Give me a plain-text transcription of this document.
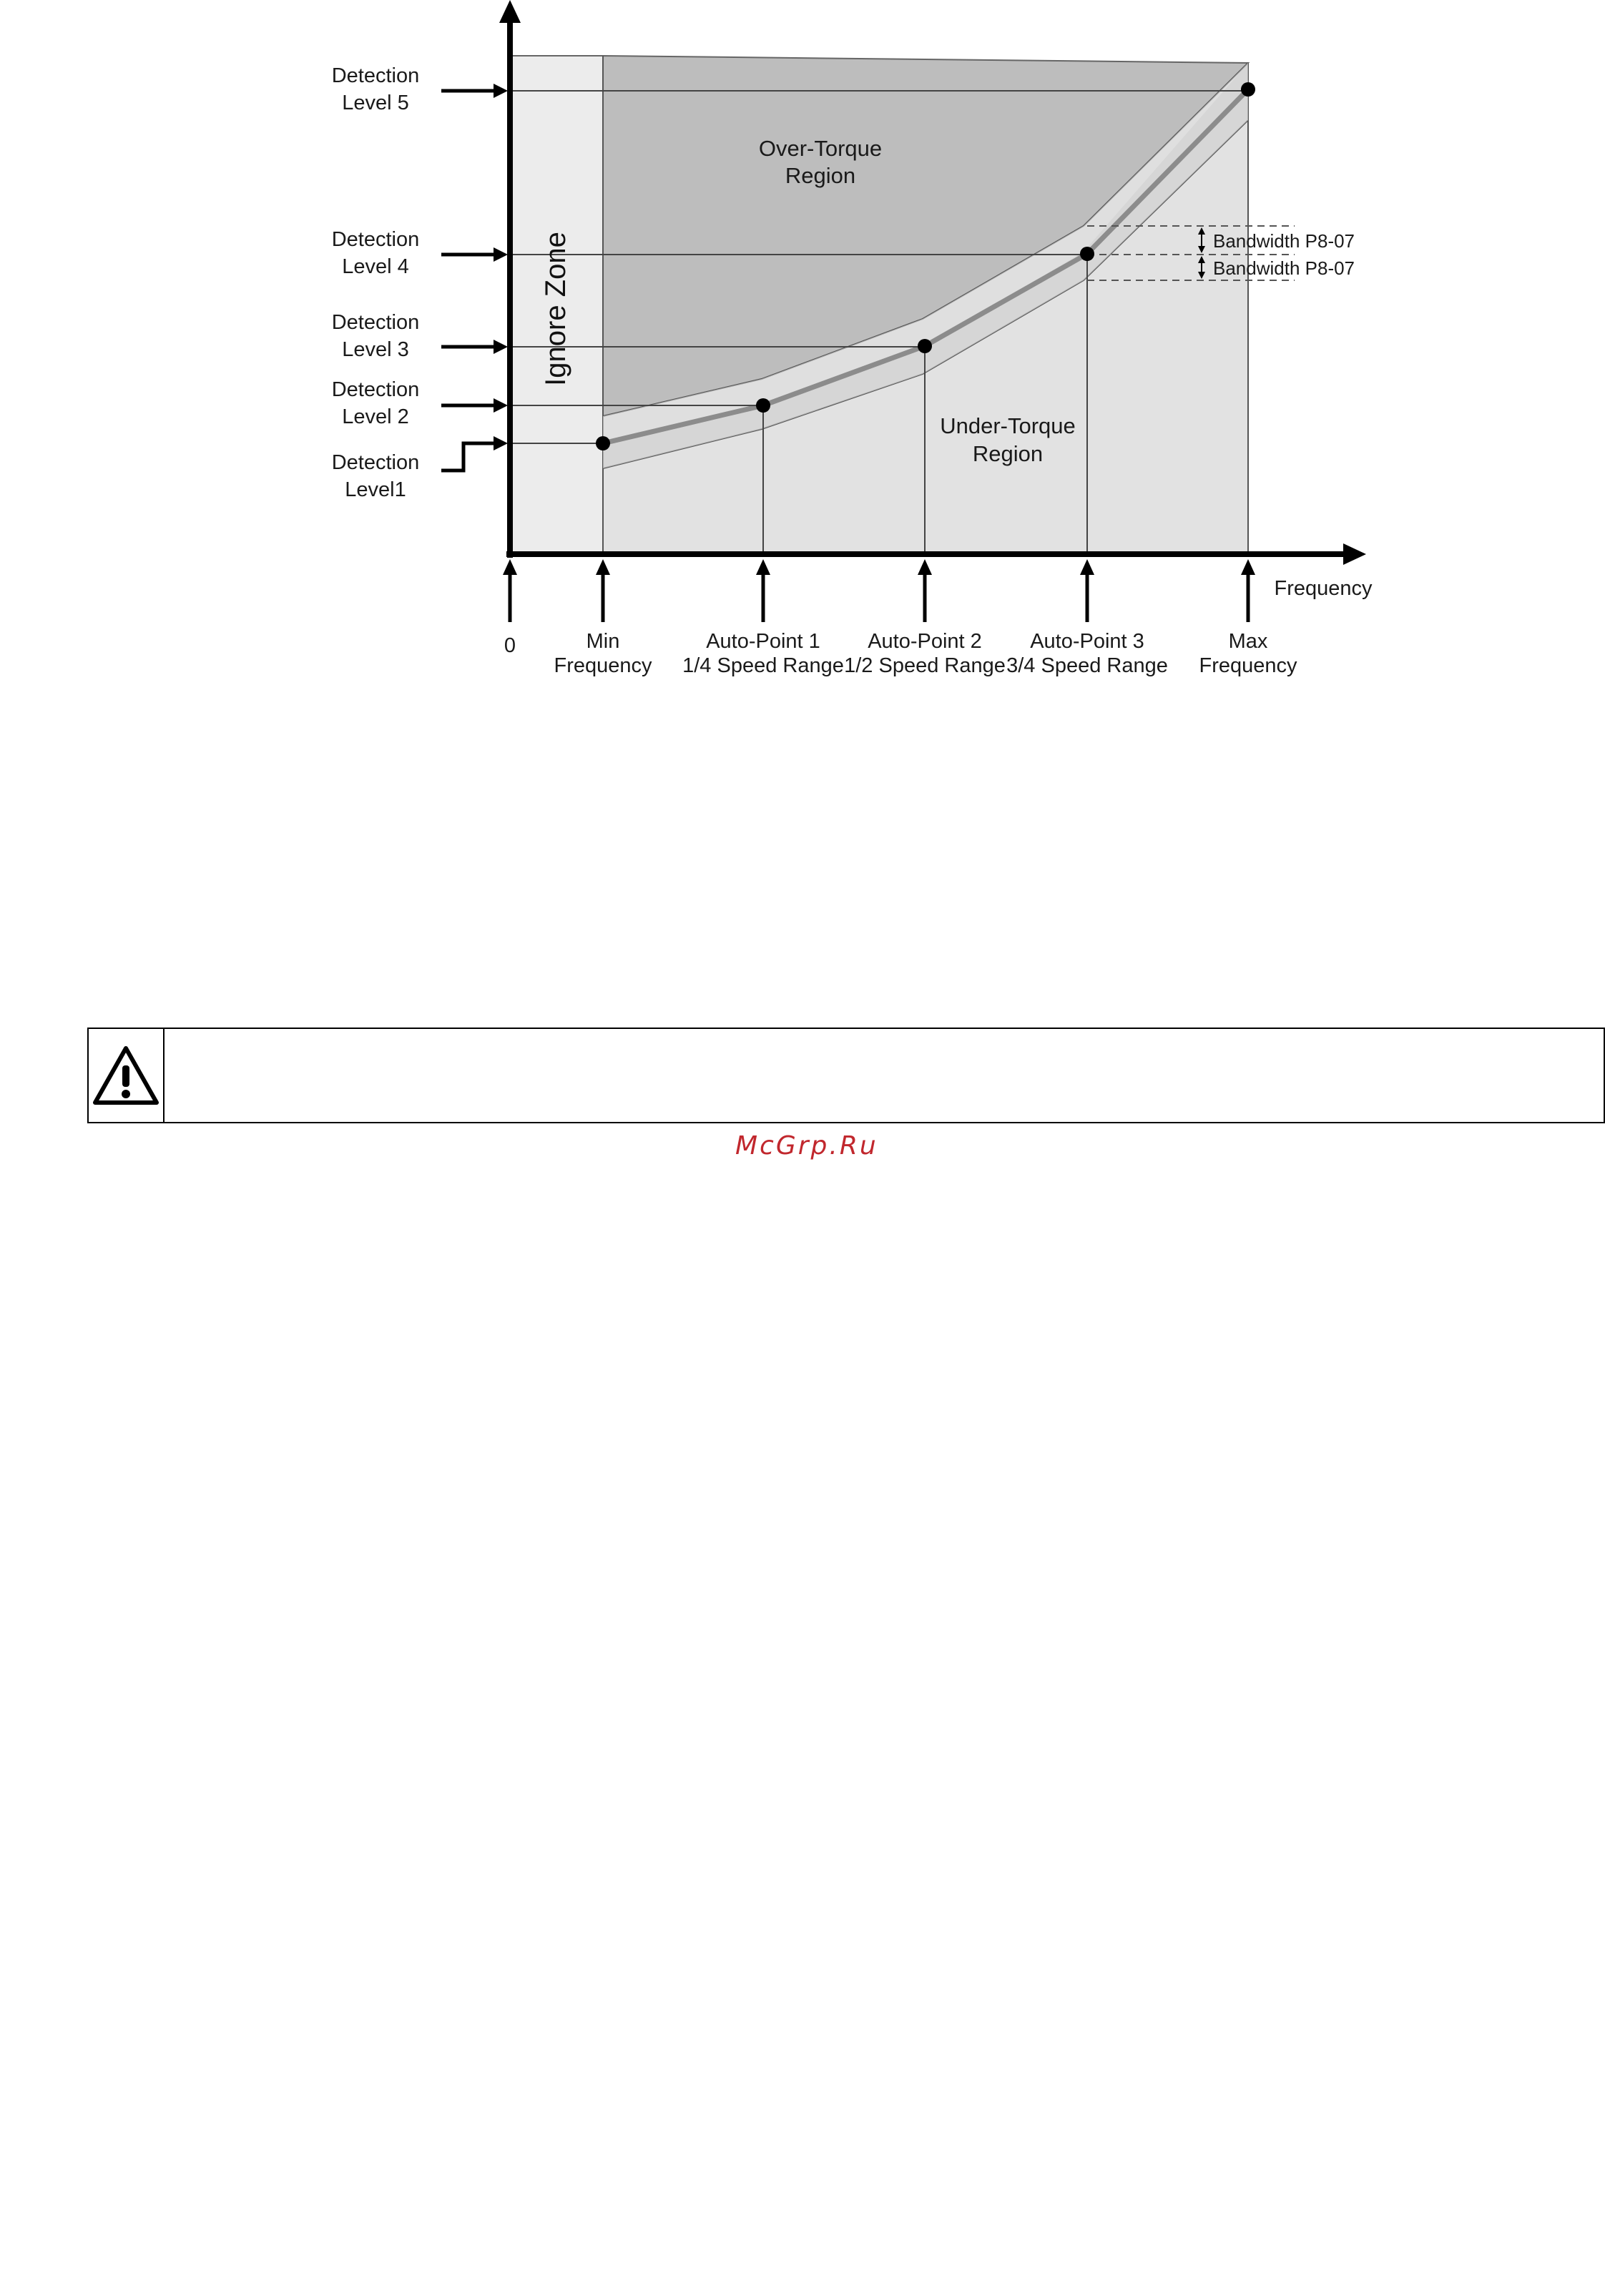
Bandwidth P8-07
Bandwidth P8-07
Ignore Zone
Over-Torque
Region
Under-Torque
Region
Detection
Level 5
Detection
Level 4
Detection
Level 3
Detection
Level 2
Detection
Level1
Frequency
0	Min
Frequency
Auto-Point 1
1/4 Speed Range
Auto-Point 2
1/2 Speed Range
Auto-Point 3
3/4 Speed Range
Max
Frequency
McGrp.Ru
